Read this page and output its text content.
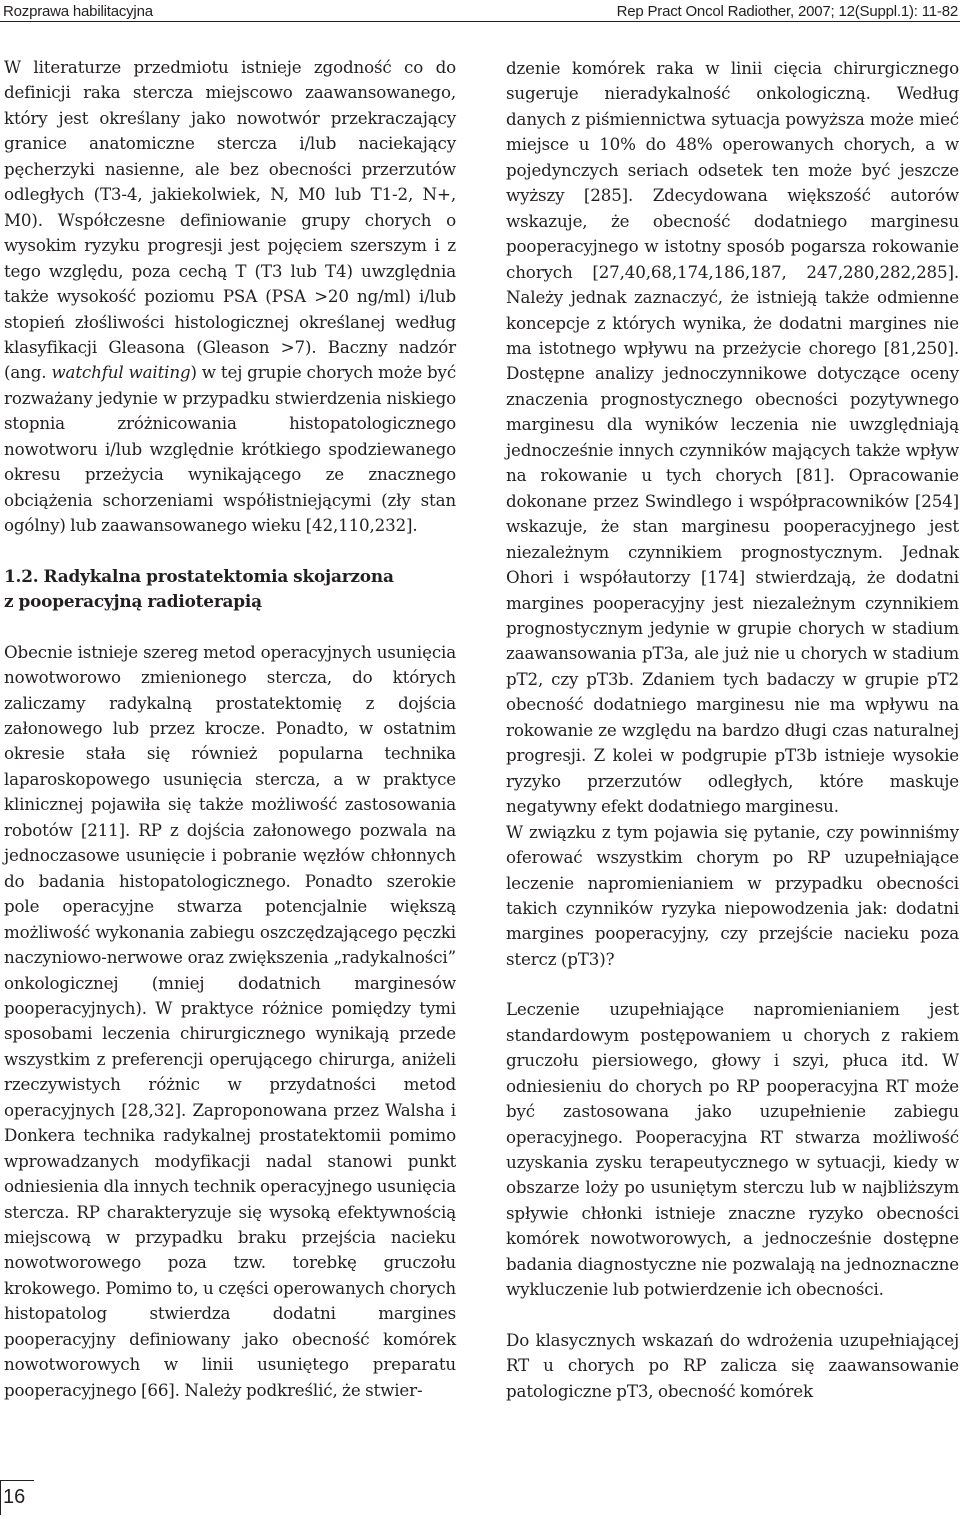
Rozprawa habilitacyjna	Rep Pract Oncol Radiother, 2007; 12(Suppl.1): 11-82

W literaturze przedmiotu istnieje zgodność co do definicji raka stercza miejscowo zaawansowanego, który jest określany jako nowotwór przekraczający granice anatomiczne stercza i/lub naciekający pęcherzyki nasienne, ale bez obecności przerzutów odległych (T3-4, jakiekolwiek, N, M0 lub T1-2, N+, M0). Współczesne definiowanie grupy chorych o wysokim ryzyku progresji jest pojęciem szerszym i z tego względu, poza cechą T (T3 lub T4) uwzględnia także wysokość poziomu PSA (PSA >20 ng/ml) i/lub stopień złośliwości histologicznej określanej według klasyfikacji Gleasona (Gleason >7). Baczny nadzór (ang. watchful waiting) w tej grupie chorych może być rozważany jedynie w przypadku stwierdzenia niskiego stopnia zróżnicowania histopatologicznego nowotworu i/lub względnie krótkiego spodziewanego okresu przeżycia wynikającego ze znacznego obciążenia schorzeniami współistniejącymi (zły stan ogólny) lub zaawansowanego wieku [42,110,232].

1.2. Radykalna prostatektomia skojarzona
z pooperacyjną radioterapią

Obecnie istnieje szereg metod operacyjnych usunięcia nowotworowo zmienionego stercza, do których zaliczamy radykalną prostatektomię z dojścia załonowego lub przez krocze. Ponadto, w ostatnim okresie stała się również popularna technika laparoskopowego usunięcia stercza, a w praktyce klinicznej pojawiła się także możliwość zastosowania robotów [211]. RP z dojścia załonowego pozwala na jednoczasowe usunięcie i pobranie węzłów chłonnych do badania histopatologicznego. Ponadto szerokie pole operacyjne stwarza potencjalnie większą możliwość wykonania zabiegu oszczędzającego pęczki naczyniowo-nerwowe oraz zwiększenia „radykalności” onkologicznej (mniej dodatnich marginesów pooperacyjnych). W praktyce różnice pomiędzy tymi sposobami leczenia chirurgicznego wynikają przede wszystkim z preferencji operującego chirurga, aniżeli rzeczywistych różnic w przydatności metod operacyjnych [28,32]. Zaproponowana przez Walsha i Donkera technika radykalnej prostatektomii pomimo wprowadzanych modyfikacji nadal stanowi punkt odniesienia dla innych technik operacyjnego usunięcia stercza. RP charakteryzuje się wysoką efektywnością miejscową w przypadku braku przejścia nacieku nowotworowego poza tzw. torebkę gruczołu krokowego. Pomimo to, u części operowanych chorych histopatolog stwierdza dodatni margines pooperacyjny definiowany jako obecność komórek nowotworowych w linii usuniętego preparatu pooperacyjnego [66]. Należy podkreślić, że stwier-

dzenie komórek raka w linii cięcia chirurgicznego sugeruje nieradykalność onkologiczną. Według danych z piśmiennictwa sytuacja powyższa może mieć miejsce u 10% do 48% operowanych chorych, a w pojedynczych seriach odsetek ten może być jeszcze wyższy [285]. Zdecydowana większość autorów wskazuje, że obecność dodatniego marginesu pooperacyjnego w istotny sposób pogarsza rokowanie chorych [27,40,68,174,186,187, 247,280,282,285]. Należy jednak zaznaczyć, że istnieją także odmienne koncepcje z których wynika, że dodatni margines nie ma istotnego wpływu na przeżycie chorego [81,250]. Dostępne analizy jednoczynnikowe dotyczące oceny znaczenia prognostycznego obecności pozytywnego marginesu dla wyników leczenia nie uwzględniają jednocześnie innych czynników mających także wpływ na rokowanie u tych chorych [81]. Opracowanie dokonane przez Swindlego i współpracowników [254] wskazuje, że stan marginesu pooperacyjnego jest niezależnym czynnikiem prognostycznym. Jednak Ohori i współautorzy [174] stwierdzają, że dodatni margines pooperacyjny jest niezależnym czynnikiem prognostycznym jedynie w grupie chorych w stadium zaawansowania pT3a, ale już nie u chorych w stadium pT2, czy pT3b. Zdaniem tych badaczy w grupie pT2 obecność dodatniego marginesu nie ma wpływu na rokowanie ze względu na bardzo długi czas naturalnej progresji. Z kolei w podgrupie pT3b istnieje wysokie ryzyko przerzutów odległych, które maskuje negatywny efekt dodatniego marginesu.

W związku z tym pojawia się pytanie, czy powinniśmy oferować wszystkim chorym po RP uzupełniające leczenie napromienianiem w przypadku obecności takich czynników ryzyka niepowodzenia jak: dodatni margines pooperacyjny, czy przejście nacieku poza stercz (pT3)?

Leczenie uzupełniające napromienianiem jest standardowym postępowaniem u chorych z rakiem gruczołu piersiowego, głowy i szyi, płuca itd. W odniesieniu do chorych po RP pooperacyjna RT może być zastosowana jako uzupełnienie zabiegu operacyjnego. Pooperacyjna RT stwarza możliwość uzyskania zysku terapeutycznego w sytuacji, kiedy w obszarze loży po usuniętym sterczu lub w najbliższym spływie chłonki istnieje znaczne ryzyko obecności komórek nowotworowych, a jednocześnie dostępne badania diagnostyczne nie pozwalają na jednoznaczne wykluczenie lub potwierdzenie ich obecności.

Do klasycznych wskazań do wdrożenia uzupełniającej RT u chorych po RP zalicza się zaawansowanie patologiczne pT3, obecność komórek

16
